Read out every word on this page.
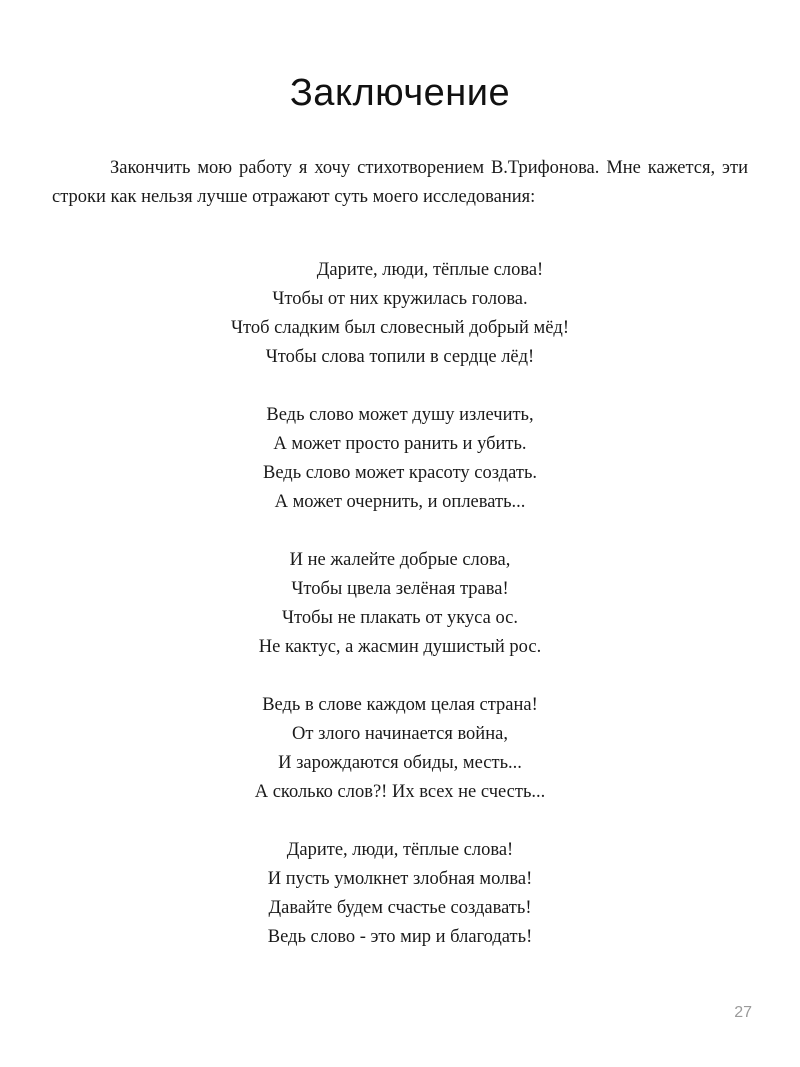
Заключение

Закончить мою работу я хочу стихотворением В.Трифонова. Мне кажется, эти строки как нельзя лучше отражают суть моего исследования:

Дарите, люди, тёплые слова!
Чтобы от них кружилась голова.
Чтоб сладким был словесный добрый мёд!
Чтобы слова топили в сердце лёд!
Ведь слово может душу излечить,
А может просто ранить и убить.
Ведь слово может красоту создать.
А может очернить, и оплевать...
И не жалейте добрые слова,
Чтобы цвела зелёная трава!
Чтобы не плакать от укуса ос.
Не кактус, а жасмин душистый рос.
Ведь в слове каждом целая страна!
От злого начинается война,
И зарождаются обиды, месть...
А сколько слов?! Их всех не счесть...
Дарите, люди, тёплые слова!
И пусть умолкнет злобная молва!
Давайте будем счастье создавать!
Ведь слово - это мир и благодать!
27
